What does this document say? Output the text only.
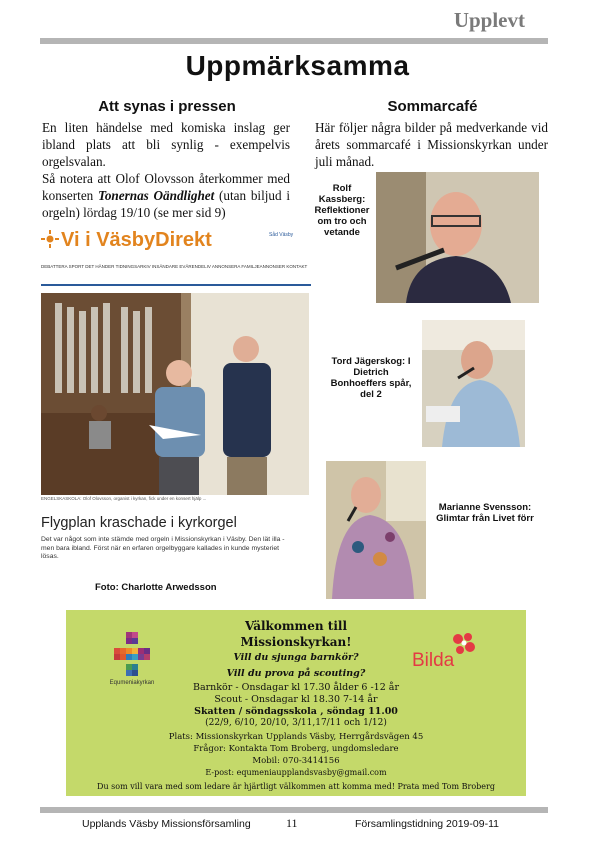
Upplevt
Uppmärksamma
Att synas i pressen
En liten händelse med komiska inslag ger ibland plats att bli synlig - exempelvis orgelsvalan.
Så notera att Olof Olovsson återkommer med konserten Tonernas Oändlighet (utan biljud i orgeln) lördag 19/10 (se mer sid 9)
Vi i VäsbyDirekt	Såd Väsby
DEBATTERA SPORT DET HÄNDER TIDNINGSARKIV INSÄNDARE EVÄRENDELIV ANNONSERA FAMILJEANNONSER KONTAKT
ENGELSKASKOLA: Olof Olovsson, organist i kyrkan, fick under en konsert hjälp ...
Flygplan kraschade i kyrkorgel
Det var något som inte stämde med orgeln i Missionskyrkan i Väsby. Den lät illa - men bara ibland. Först när en erfaren orgelbyggare kallades in kunde mysteriet lösas.
Foto: Charlotte Arwedsson
Sommarcafé
Här följer några bilder på medverkande vid årets sommarcafé i Missionskyrkan under juli månad.
Rolf Kassberg: Reflektioner om tro och vetande
Tord Jägerskog: I Dietrich Bonhoeffers spår, del 2
Marianne Svensson: Glimtar från Livet förr
Equmeniakyrkan
Bilda
Välkommen till
Missionskyrkan!
Vill du sjunga barnkör?
Vill du prova på scouting?
Barnkör - Onsdagar kl 17.30 ålder 6 -12 år
Scout - Onsdagar kl 18.30 7-14 år
Skatten / söndagsskola , söndag 11.00
(22/9, 6/10, 20/10, 3/11,17/11 och 1/12)
Plats: Missionskyrkan Upplands Väsby, Herrgårdsvägen 45
Frågor: Kontakta Tom Broberg, ungdomsledare
Mobil: 070-3414156
E-post: equmeniaupplandsvasby@gmail.com
Du som vill vara med som ledare är hjärtligt välkommen att komma med! Prata med Tom Broberg
Upplands Väsby Missionsförsamling	11	Församlingstidning 2019-09-11
